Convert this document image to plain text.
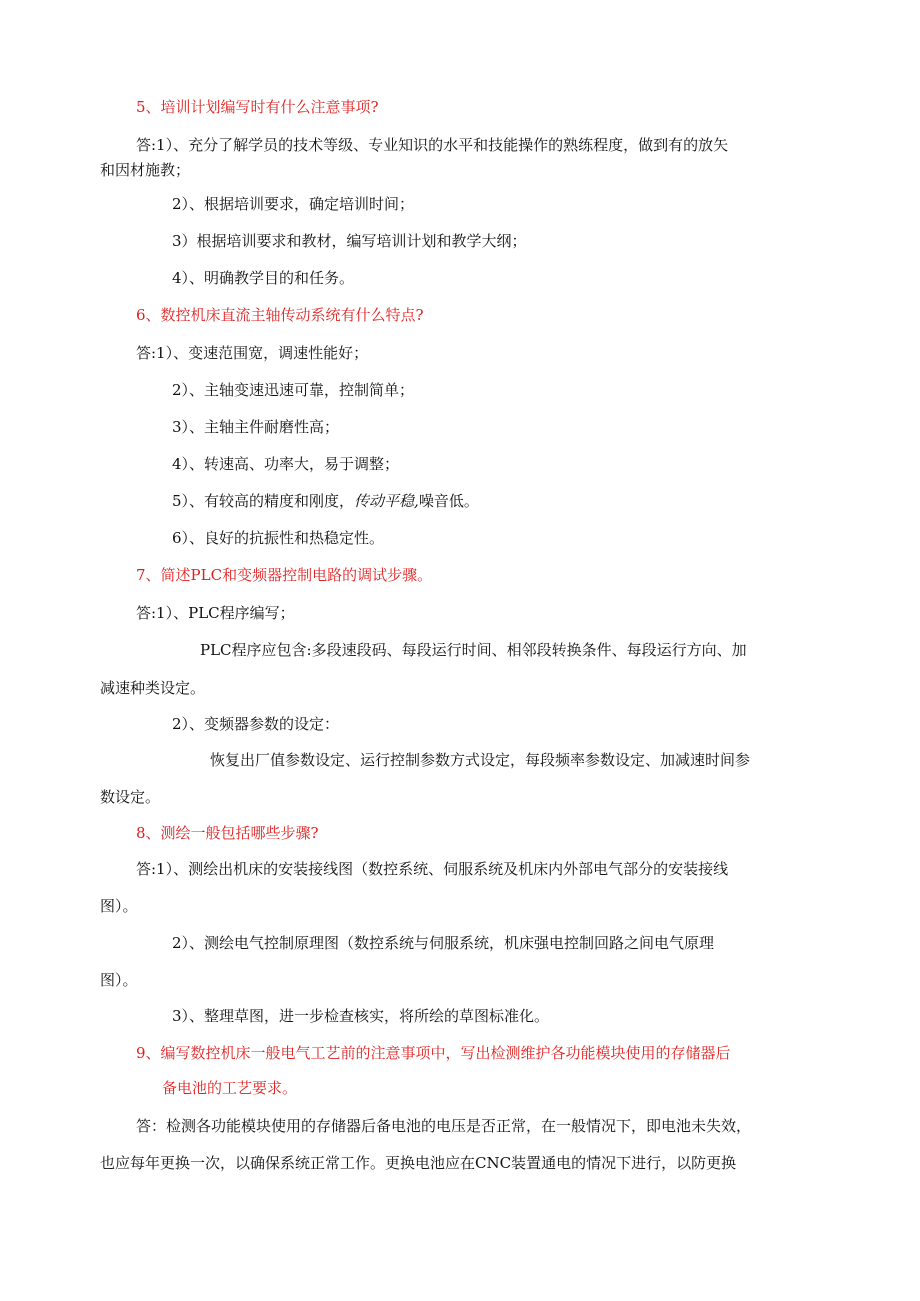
5、培训计划编写时有什么注意事项?
答:1）、充分了解学员的技术等级、专业知识的水平和技能操作的熟练程度，做到有的放矢
和因材施教；
2）、根据培训要求，确定培训时间；
3）根据培训要求和教材，编写培训计划和教学大纲；
4）、明确教学目的和任务。
6、数控机床直流主轴传动系统有什么特点?
答:1）、变速范围宽，调速性能好；
2）、主轴变速迅速可靠，控制简单；
3）、主轴主件耐磨性高；
4）、转速高、功率大，易于调整；
5）、有较高的精度和刚度，传动平稳,噪音低。
6）、良好的抗振性和热稳定性。
7、简述PLC和变频器控制电路的调试步骤。
答:1）、PLC程序编写；
PLC程序应包含:多段速段码、每段运行时间、相邻段转换条件、每段运行方向、加
减速种类设定。
2）、变频器参数的设定：
恢复出厂值参数设定、运行控制参数方式设定，每段频率参数设定、加减速时间参
数设定。
8、测绘一般包括哪些步骤?
答:1）、测绘出机床的安装接线图（数控系统、伺服系统及机床内外部电气部分的安装接线
图）。
2）、测绘电气控制原理图（数控系统与伺服系统，机床强电控制回路之间电气原理
图）。
3）、整理草图，进一步检查核实，将所绘的草图标准化。
9、编写数控机床一般电气工艺前的注意事项中，写出检测维护各功能模块使用的存储器后
备电池的工艺要求。
答：检测各功能模块使用的存储器后备电池的电压是否正常，在一般情况下，即电池未失效，
也应每年更换一次，以确保系统正常工作。更换电池应在CNC装置通电的情况下进行，以防更换
